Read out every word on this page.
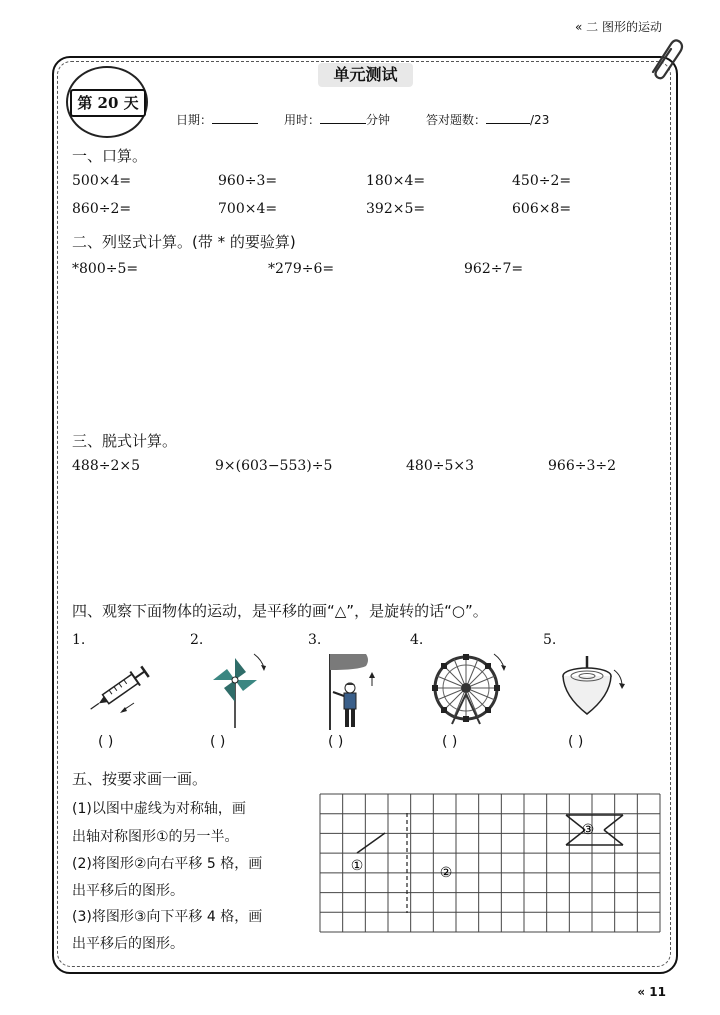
« 二 图形的运动
第 20 天
单元测试
日期：	用时：	分钟	答对题数：	/23
一、口算。
500×4=	960÷3=	180×4=	450÷2=
860÷2=	700×4=	392×5=	606×8=
二、列竖式计算。(带 * 的要验算)
*800÷5=	*279÷6=	962÷7=
三、脱式计算。
488÷2×5	9×(603−553)÷5	480÷5×3	966÷3÷2
四、观察下面物体的运动，是平移的画“△”，是旋转的话“○”。
1.	2.	3.	4.	5.
( )	( )	( )	( )	( )
五、按要求画一画。
(1)以图中虚线为对称轴，画
出轴对称图形①的另一半。
(2)将图形②向右平移 5 格，画
出平移后的图形。
(3)将图形③向下平移 4 格，画
出平移后的图形。
①	②
③
« 11
